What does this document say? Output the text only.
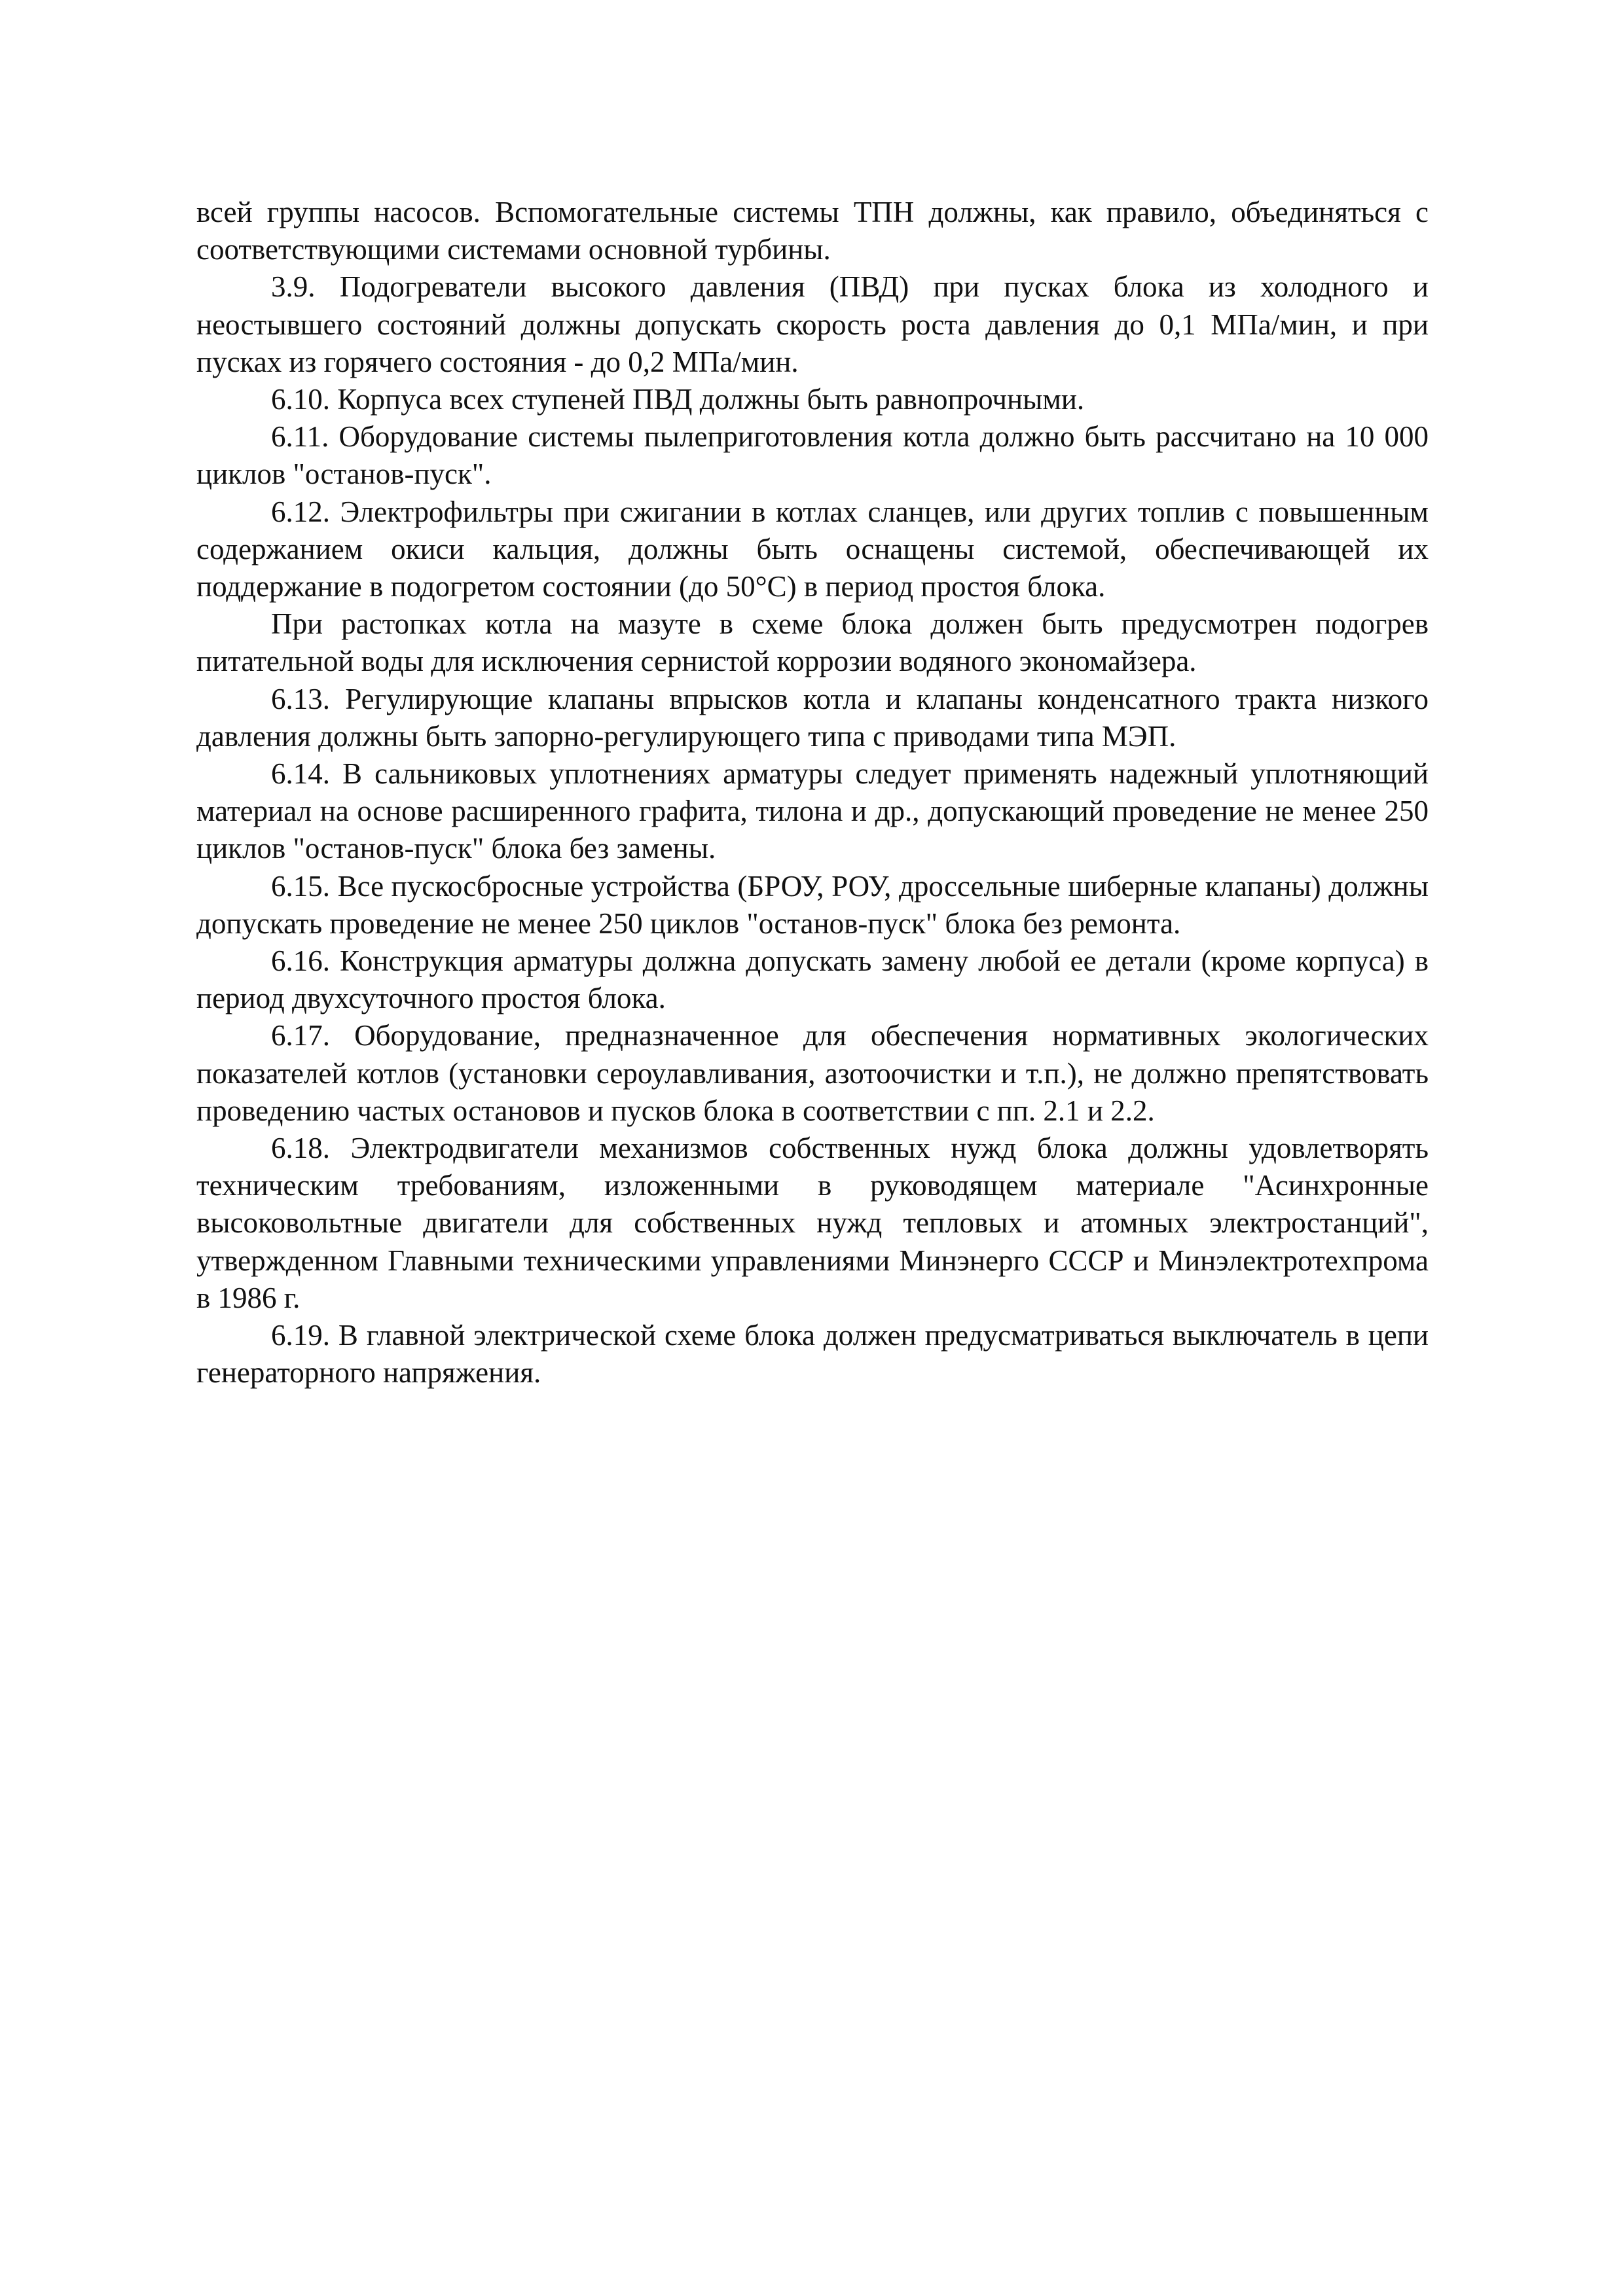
всей группы насосов. Вспомогательные системы ТПН должны, как правило, объединяться с соответствующими системами основной турбины.

3.9. Подогреватели высокого давления (ПВД) при пусках блока из холодного и неостывшего состояний должны допускать скорость роста давления до 0,1 МПа/мин, и при пусках из горячего состояния - до 0,2 МПа/мин.

6.10. Корпуса всех ступеней ПВД должны быть равнопрочными.

6.11. Оборудование системы пылеприготовления котла должно быть рассчитано на 10 000 циклов "останов-пуск".

6.12. Электрофильтры при сжигании в котлах сланцев, или других топлив с повышенным содержанием окиси кальция, должны быть оснащены системой, обеспечивающей их поддержание в подогретом состоянии (до 50°С) в период простоя блока.

При растопках котла на мазуте в схеме блока должен быть предусмотрен подогрев питательной воды для исключения сернистой коррозии водяного экономайзера.

6.13. Регулирующие клапаны впрысков котла и клапаны конденсатного тракта низкого давления должны быть запорно-регулирующего типа с приводами типа МЭП.

6.14. В сальниковых уплотнениях арматуры следует применять надежный уплотняющий материал на основе расширенного графита, тилона и др., допускающий проведение не менее 250 циклов "останов-пуск" блока без замены.

6.15. Все пускосбросные устройства (БРОУ, РОУ, дроссельные шиберные клапаны) должны допускать проведение не менее 250 циклов "останов-пуск" блока без ремонта.

6.16. Конструкция арматуры должна допускать замену любой ее детали (кроме корпуса) в период двухсуточного простоя блока.

6.17. Оборудование, предназначенное для обеспечения нормативных экологических показателей котлов (установки сероулавливания, азотоочистки и т.п.), не должно препятствовать проведению частых остановов и пусков блока в соответствии с пп. 2.1 и 2.2.

6.18. Электродвигатели механизмов собственных нужд блока должны удовлетворять техническим требованиям, изложенными в руководящем материале "Асинхронные высоковольтные двигатели для собственных нужд тепловых и атомных электростанций", утвержденном Главными техническими управлениями Минэнерго СССР и Минэлектротехпрома в 1986 г.

6.19. В главной электрической схеме блока должен предусматриваться выключатель в цепи генераторного напряжения.
